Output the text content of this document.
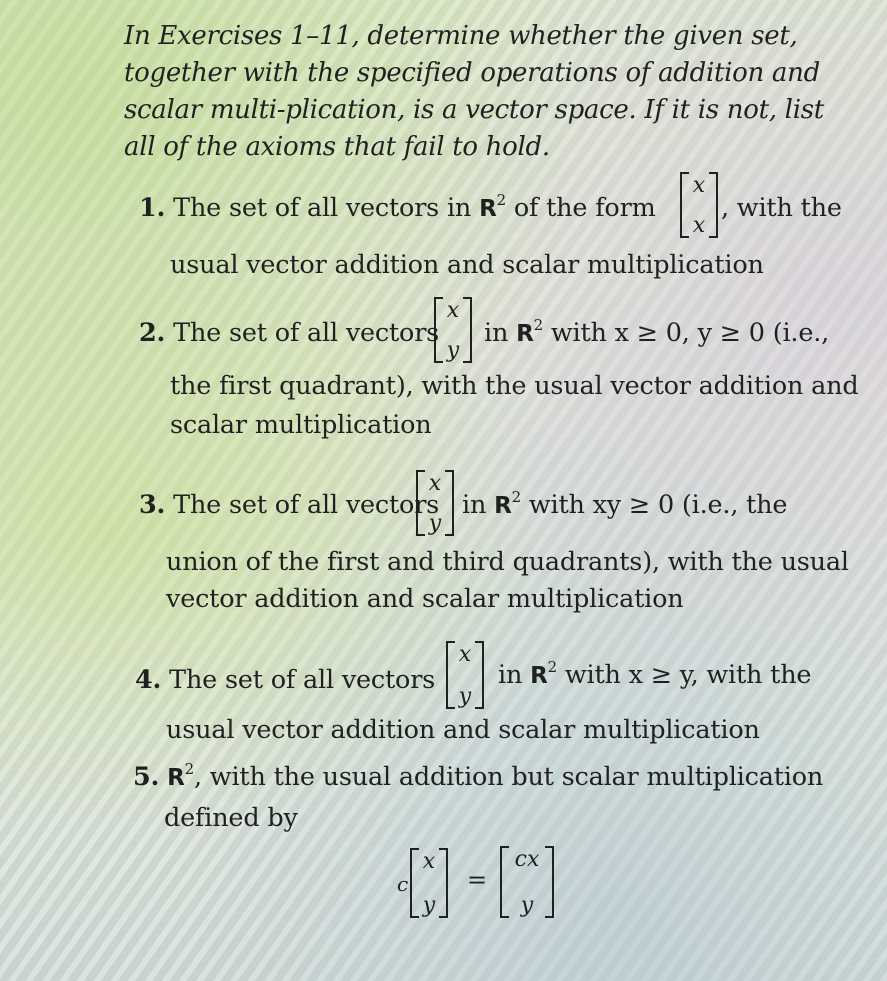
In Exercises 1–11, determine whether the given set, together with the specified operations of addition and scalar multi-plication, is a vector space. If it is not, list all of the axioms that fail to hold.
1. The set of all vectors in $R^2$ of the form
x
x
, with the
usual vector addition and scalar multiplication
2. The set of all vectors
x
y
in $R^2$ with x ≥ 0, y ≥ 0 (i.e.,
the first quadrant), with the usual vector addition and
scalar multiplication
3. The set of all vectors
x
y
in $R^2$ with xy ≥ 0 (i.e., the
union of the first and third quadrants), with the usual
vector addition and scalar multiplication
4. The set of all vectors
x
y
in $R^2$ with x ≥ y, with the
usual vector addition and scalar multiplication
5. $R^2$, with the usual addition but scalar multiplication
defined by
c
x
y
=
cx
y
